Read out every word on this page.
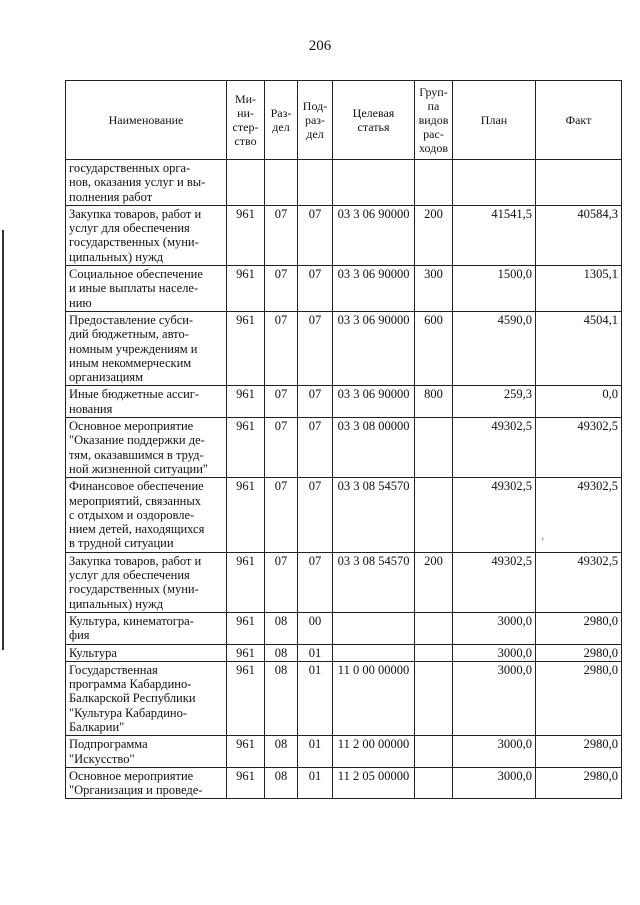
206
Наименование	Ми-
ни-
стер-
ство	Раз-
дел	Под-
раз-
дел	Целевая
статья	Груп-
па
видов
рас-
ходов	План	Факт
государственных орга-
нов, оказания услуг и вы-
полнения работ							
Закупка товаров, работ и
услуг для обеспечения
государственных (муни-
ципальных) нужд	961	07	07	03 3 06 90000	200	41541,5	40584,3
Социальное обеспечение
и иные выплаты населе-
нию	961	07	07	03 3 06 90000	300	1500,0	1305,1
Предоставление субси-
дий бюджетным, авто-
номным учреждениям и
иным некоммерческим
организациям	961	07	07	03 3 06 90000	600	4590,0	4504,1
Иные бюджетные ассиг-
нования	961	07	07	03 3 06 90000	800	259,3	0,0
Основное мероприятие
"Оказание поддержки де-
тям, оказавшимся в труд-
ной жизненной ситуации"	961	07	07	03 3 08 00000		49302,5	49302,5
Финансовое обеспечение
мероприятий, связанных
с отдыхом и оздоровле-
нием детей, находящихся
в трудной ситуации	961	07	07	03 3 08 54570		49302,5	49302,5
Закупка товаров, работ и
услуг для обеспечения
государственных (муни-
ципальных) нужд	961	07	07	03 3 08 54570	200	49302,5	49302,5
Культура, кинематогра-
фия	961	08	00			3000,0	2980,0
Культура	961	08	01			3000,0	2980,0
Государственная
программа Кабардино-
Балкарской Республики
"Культура Кабардино-
Балкарии"	961	08	01	11 0 00 00000		3000,0	2980,0
Подпрограмма
"Искусство"	961	08	01	11 2 00 00000		3000,0	2980,0
Основное мероприятие
"Организация и проведе-	961	08	01	11 2 05 00000		3000,0	2980,0
ʼ
